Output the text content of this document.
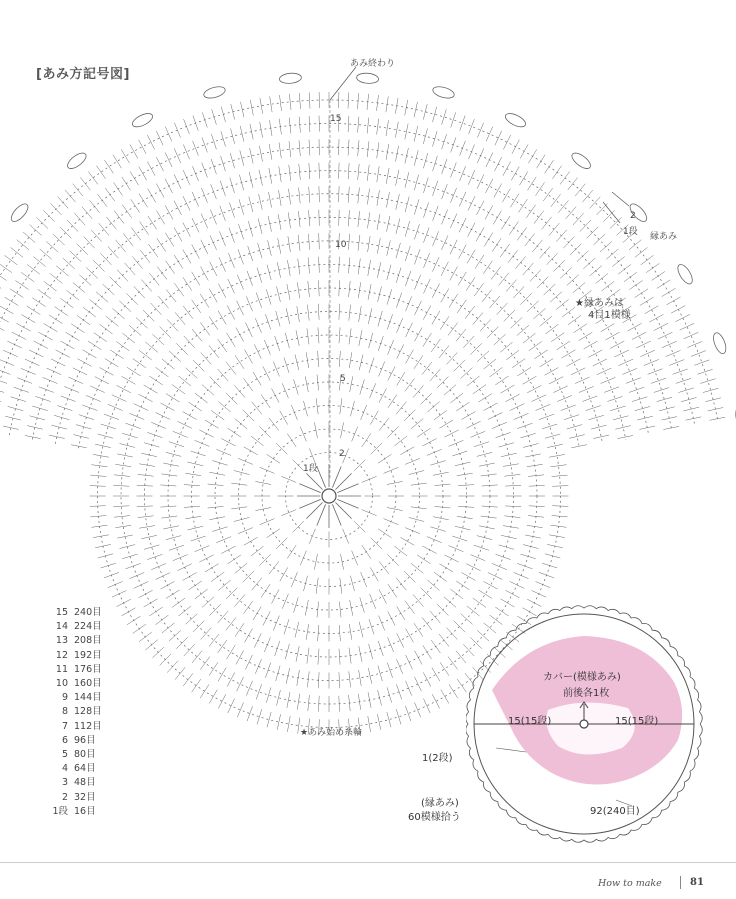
[あみ方記号図]
あみ終わり
15
10
5
2
1段
★あみ始め糸輪
2
1段 縁あみ
★縁あみは
4目1模様
15 240目
14 224目
13 208目
12 192目
11 176目
10 160目
9 144目
8 128目
7 112目
6 96目
5 80目
4 64目
3 48目
2 32目
1段 16目
カバー(模様あみ)
前後各1枚
15(15段)	15(15段)
1(2段)
(縁あみ)
60模様拾う
92(240目)
How to make	81
